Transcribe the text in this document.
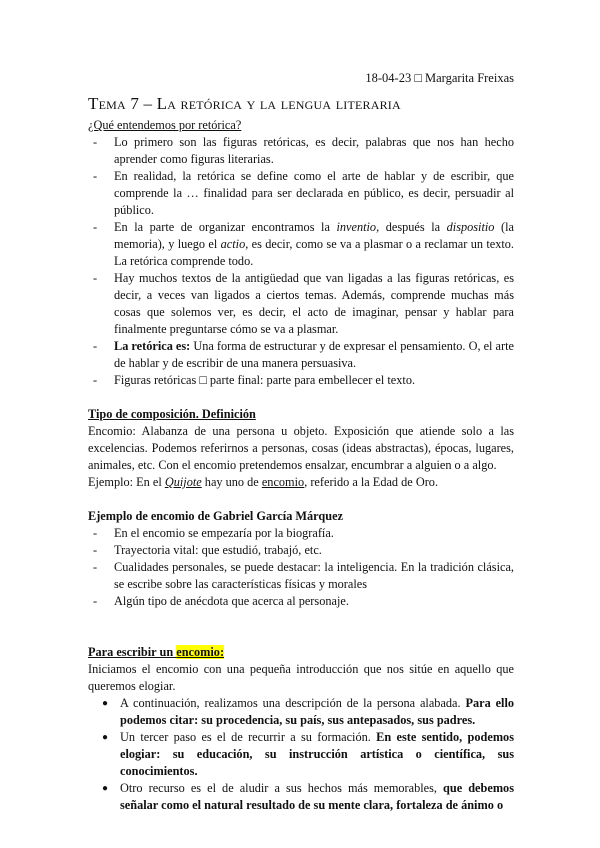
18-04-23 □ Margarita Freixas
Tema 7 – La retórica y la lengua literaria
¿Qué entendemos por retórica?
- Lo primero son las figuras retóricas, es decir, palabras que nos han hecho aprender como figuras literarias.
- En realidad, la retórica se define como el arte de hablar y de escribir, que comprende la … finalidad para ser declarada en público, es decir, persuadir al público.
- En la parte de organizar encontramos la inventio, después la dispositio (la memoria), y luego el actio, es decir, como se va a plasmar o a reclamar un texto. La retórica comprende todo.
- Hay muchos textos de la antigüedad que van ligadas a las figuras retóricas, es decir, a veces van ligados a ciertos temas. Además, comprende muchas más cosas que solemos ver, es decir, el acto de imaginar, pensar y hablar para finalmente preguntarse cómo se va a plasmar.
- La retórica es: Una forma de estructurar y de expresar el pensamiento. O, el arte de hablar y de escribir de una manera persuasiva.
- Figuras retóricas □ parte final: parte para embellecer el texto.
Tipo de composición. Definición

Encomio: Alabanza de una persona u objeto. Exposición que atiende solo a las excelencias. Podemos referirnos a personas, cosas (ideas abstractas), épocas, lugares, animales, etc. Con el encomio pretendemos ensalzar, encumbrar a alguien o a algo.

Ejemplo: En el Quijote hay uno de encomio, referido a la Edad de Oro.

Ejemplo de encomio de Gabriel García Márquez
- En el encomio se empezaría por la biografía.
- Trayectoria vital: que estudió, trabajó, etc.
- Cualidades personales, se puede destacar: la inteligencia. En la tradición clásica, se escribe sobre las características físicas y morales
- Algún tipo de anécdota que acerca al personaje.
Para escribir un encomio:

Iniciamos el encomio con una pequeña introducción que nos sitúe en aquello que queremos elogiar.

● A continuación, realizamos una descripción de la persona alabada. Para ello podemos citar: su procedencia, su país, sus antepasados, sus padres.
● Un tercer paso es el de recurrir a su formación. En este sentido, podemos elogiar: su educación, su instrucción artística o científica, sus conocimientos.
● Otro recurso es el de aludir a sus hechos más memorables, que debemos señalar como el natural resultado de su mente clara, fortaleza de ánimo o
